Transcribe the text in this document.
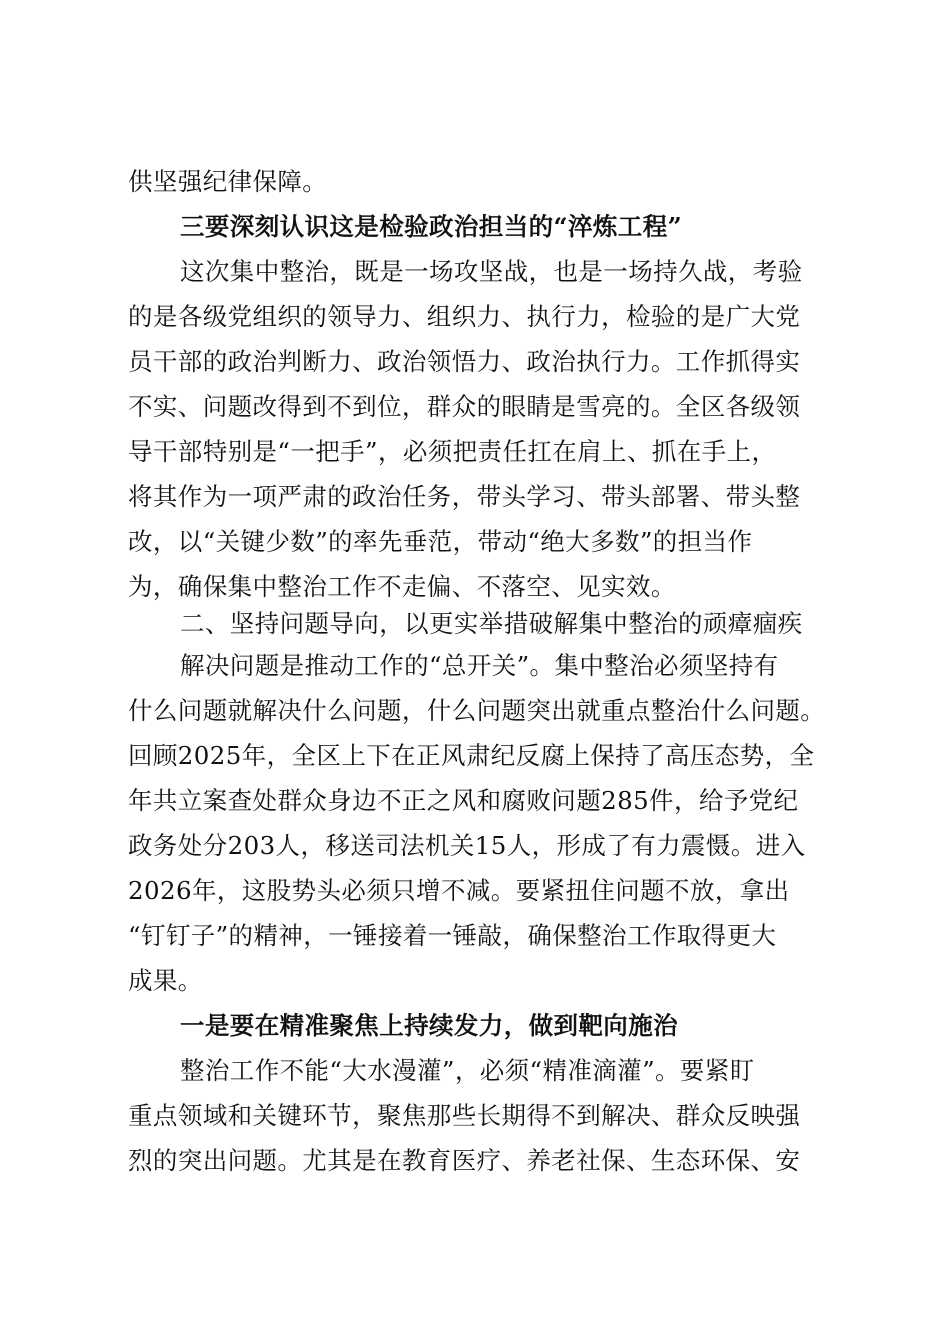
供坚强纪律保障。
三要深刻认识这是检验政治担当的“淬炼工程”
这次集中整治，既是一场攻坚战，也是一场持久战，考验
的是各级党组织的领导力、组织力、执行力，检验的是广大党
员干部的政治判断力、政治领悟力、政治执行力。工作抓得实
不实、问题改得到不到位，群众的眼睛是雪亮的。全区各级领
导干部特别是“一把手”，必须把责任扛在肩上、抓在手上，
将其作为一项严肃的政治任务，带头学习、带头部署、带头整
改，以“关键少数”的率先垂范，带动“绝大多数”的担当作
为，确保集中整治工作不走偏、不落空、见实效。
二、坚持问题导向，以更实举措破解集中整治的顽瘴痼疾
解决问题是推动工作的“总开关”。集中整治必须坚持有
什么问题就解决什么问题，什么问题突出就重点整治什么问题。
回顾2025年，全区上下在正风肃纪反腐上保持了高压态势，全
年共立案查处群众身边不正之风和腐败问题285件，给予党纪
政务处分203人，移送司法机关15人，形成了有力震慑。进入
2026年，这股势头必须只增不减。要紧扭住问题不放，拿出
“钉钉子”的精神，一锤接着一锤敲，确保整治工作取得更大
成果。
一是要在精准聚焦上持续发力，做到靶向施治
整治工作不能“大水漫灌”，必须“精准滴灌”。要紧盯
重点领域和关键环节，聚焦那些长期得不到解决、群众反映强
烈的突出问题。尤其是在教育医疗、养老社保、生态环保、安
